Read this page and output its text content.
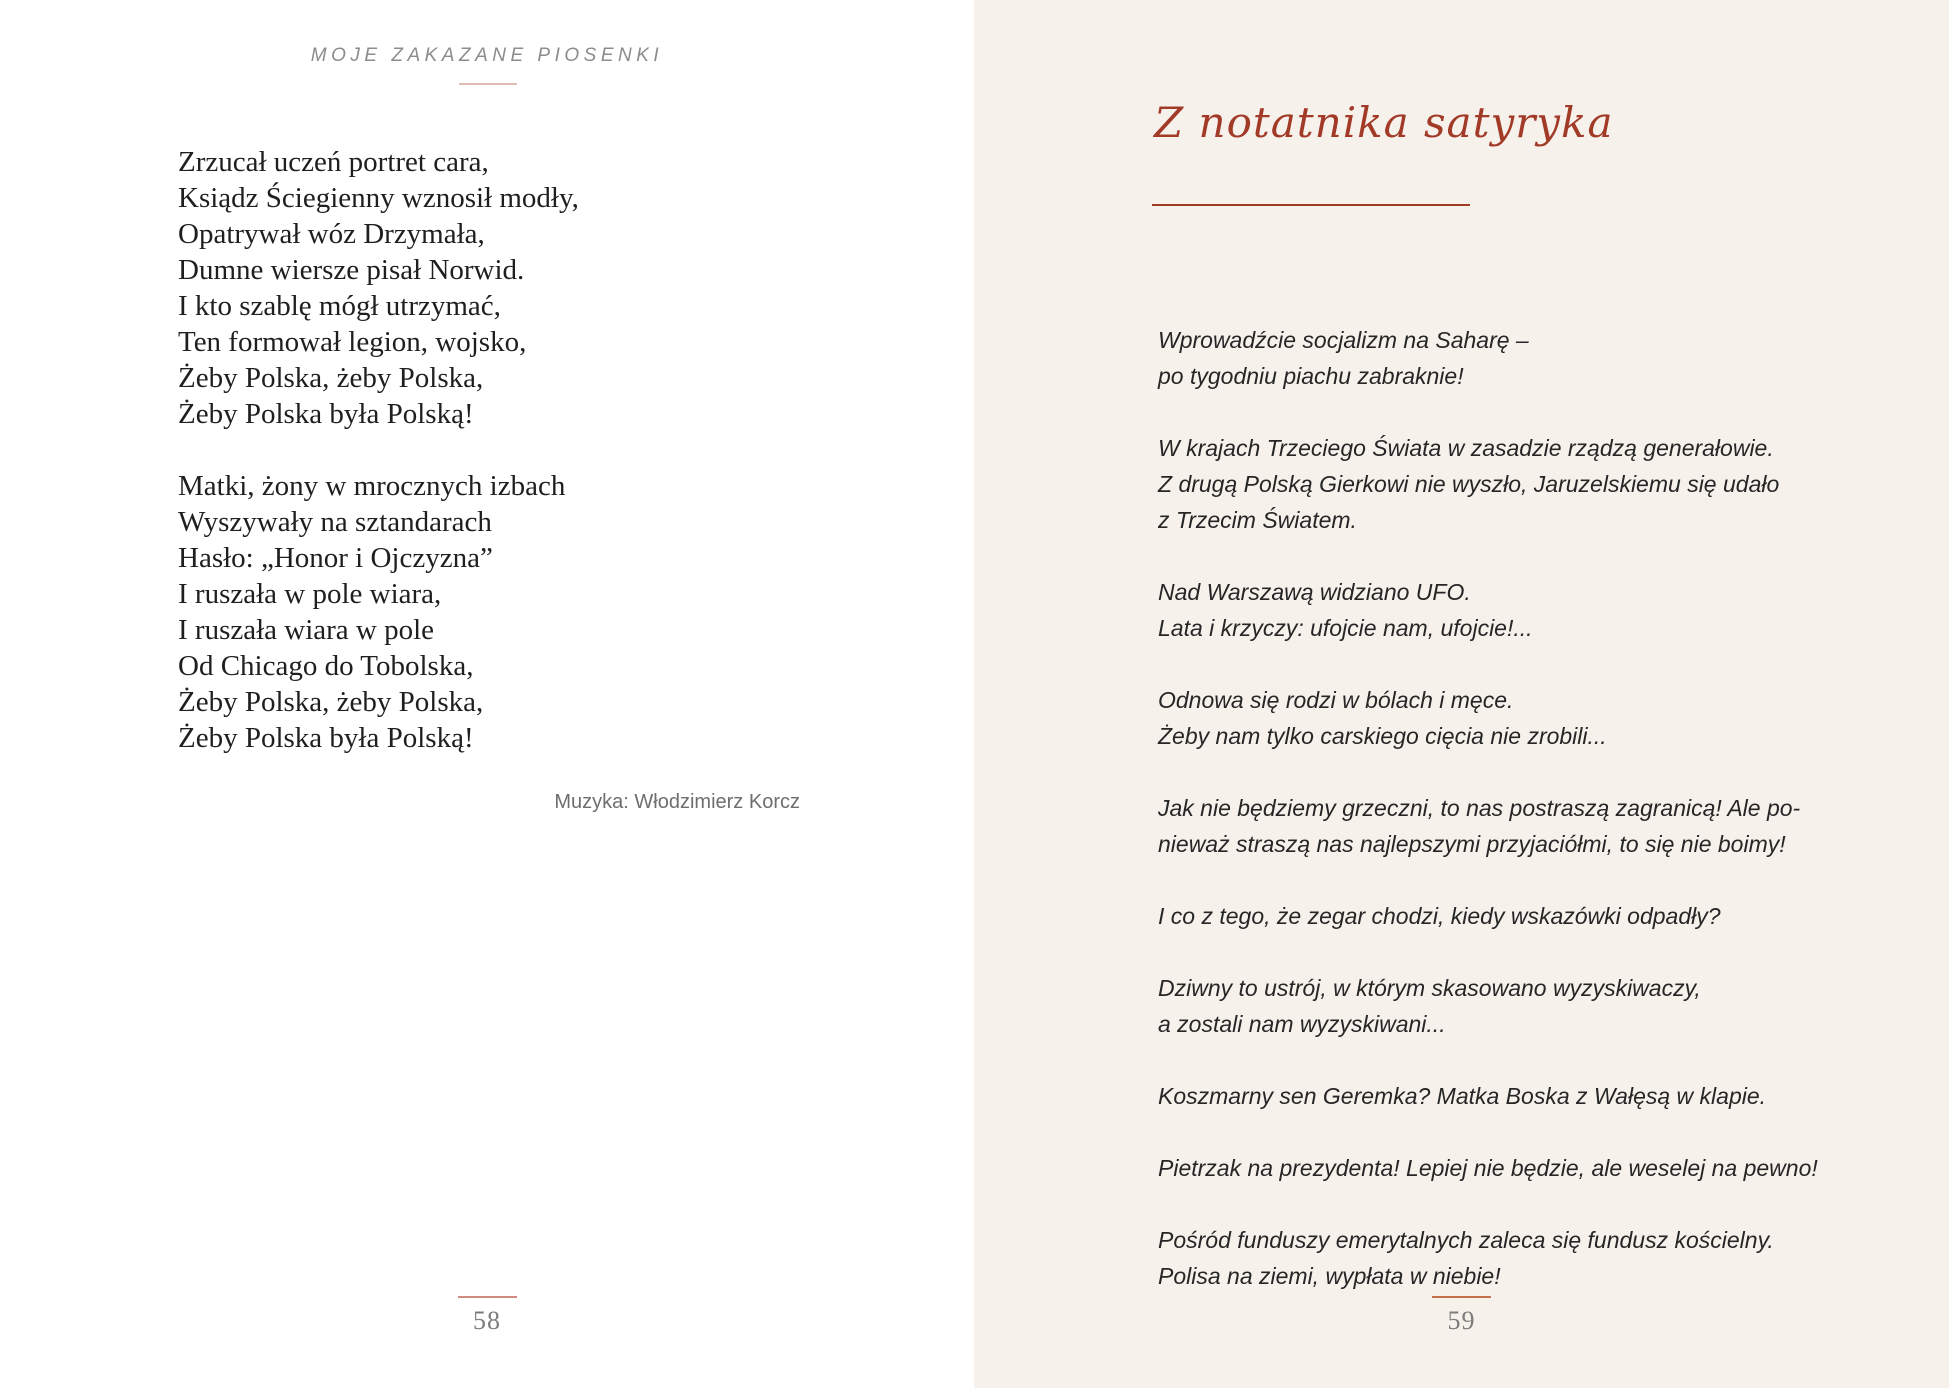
MOJE ZAKAZANE PIOSENKI
Zrzucał uczeń portret cara,
Ksiądz Ściegienny wznosił modły,
Opatrywał wóz Drzymała,
Dumne wiersze pisał Norwid.
I kto szablę mógł utrzymać,
Ten formował legion, wojsko,
Żeby Polska, żeby Polska,
Żeby Polska była Polską!
Matki, żony w mrocznych izbach
Wyszywały na sztandarach
Hasło: „Honor i Ojczyzna”
I ruszała w pole wiara,
I ruszała wiara w pole
Od Chicago do Tobolska,
Żeby Polska, żeby Polska,
Żeby Polska była Polską!
Muzyka: Włodzimierz Korcz
58
Z notatnika satyryka
Wprowadźcie socjalizm na Saharę –
po tygodniu piachu zabraknie!
W krajach Trzeciego Świata w zasadzie rządzą generałowie.
Z drugą Polską Gierkowi nie wyszło, Jaruzelskiemu się udało
z Trzecim Światem.
Nad Warszawą widziano UFO.
Lata i krzyczy: ufojcie nam, ufojcie!...
Odnowa się rodzi w bólach i męce.
Żeby nam tylko carskiego cięcia nie zrobili...
Jak nie będziemy grzeczni, to nas postraszą zagranicą! Ale po-
nieważ straszą nas najlepszymi przyjaciółmi, to się nie boimy!
I co z tego, że zegar chodzi, kiedy wskazówki odpadły?
Dziwny to ustrój, w którym skasowano wyzyskiwaczy,
a zostali nam wyzyskiwani...
Koszmarny sen Geremka? Matka Boska z Wałęsą w klapie.
Pietrzak na prezydenta! Lepiej nie będzie, ale weselej na pewno!
Pośród funduszy emerytalnych zaleca się fundusz kościelny.
Polisa na ziemi, wypłata w niebie!
59
